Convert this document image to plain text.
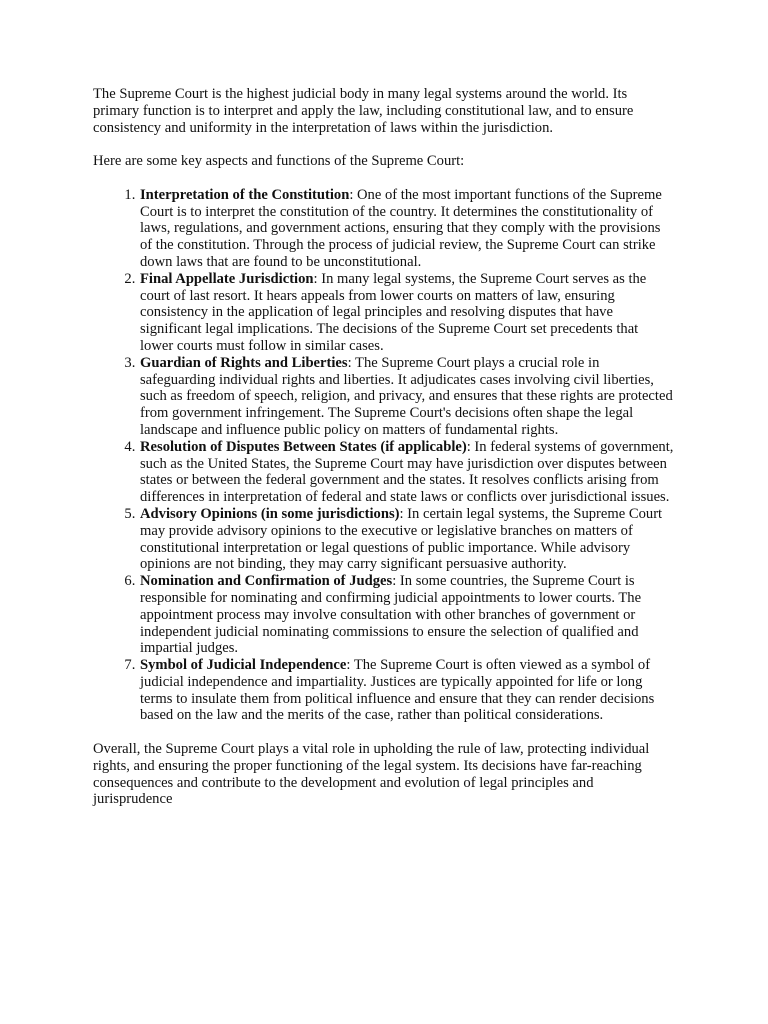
The Supreme Court is the highest judicial body in many legal systems around the world. Its primary function is to interpret and apply the law, including constitutional law, and to ensure consistency and uniformity in the interpretation of laws within the jurisdiction.

Here are some key aspects and functions of the Supreme Court:

1. Interpretation of the Constitution: One of the most important functions of the Supreme Court is to interpret the constitution of the country. It determines the constitutionality of laws, regulations, and government actions, ensuring that they comply with the provisions of the constitution. Through the process of judicial review, the Supreme Court can strike down laws that are found to be unconstitutional.
2. Final Appellate Jurisdiction: In many legal systems, the Supreme Court serves as the court of last resort. It hears appeals from lower courts on matters of law, ensuring consistency in the application of legal principles and resolving disputes that have significant legal implications. The decisions of the Supreme Court set precedents that lower courts must follow in similar cases.
3. Guardian of Rights and Liberties: The Supreme Court plays a crucial role in safeguarding individual rights and liberties. It adjudicates cases involving civil liberties, such as freedom of speech, religion, and privacy, and ensures that these rights are protected from government infringement. The Supreme Court's decisions often shape the legal landscape and influence public policy on matters of fundamental rights.
4. Resolution of Disputes Between States (if applicable): In federal systems of government, such as the United States, the Supreme Court may have jurisdiction over disputes between states or between the federal government and the states. It resolves conflicts arising from differences in interpretation of federal and state laws or conflicts over jurisdictional issues.
5. Advisory Opinions (in some jurisdictions): In certain legal systems, the Supreme Court may provide advisory opinions to the executive or legislative branches on matters of constitutional interpretation or legal questions of public importance. While advisory opinions are not binding, they may carry significant persuasive authority.
6. Nomination and Confirmation of Judges: In some countries, the Supreme Court is responsible for nominating and confirming judicial appointments to lower courts. The appointment process may involve consultation with other branches of government or independent judicial nominating commissions to ensure the selection of qualified and impartial judges.
7. Symbol of Judicial Independence: The Supreme Court is often viewed as a symbol of judicial independence and impartiality. Justices are typically appointed for life or long terms to insulate them from political influence and ensure that they can render decisions based on the law and the merits of the case, rather than political considerations.

Overall, the Supreme Court plays a vital role in upholding the rule of law, protecting individual rights, and ensuring the proper functioning of the legal system. Its decisions have far-reaching consequences and contribute to the development and evolution of legal principles and jurisprudence
